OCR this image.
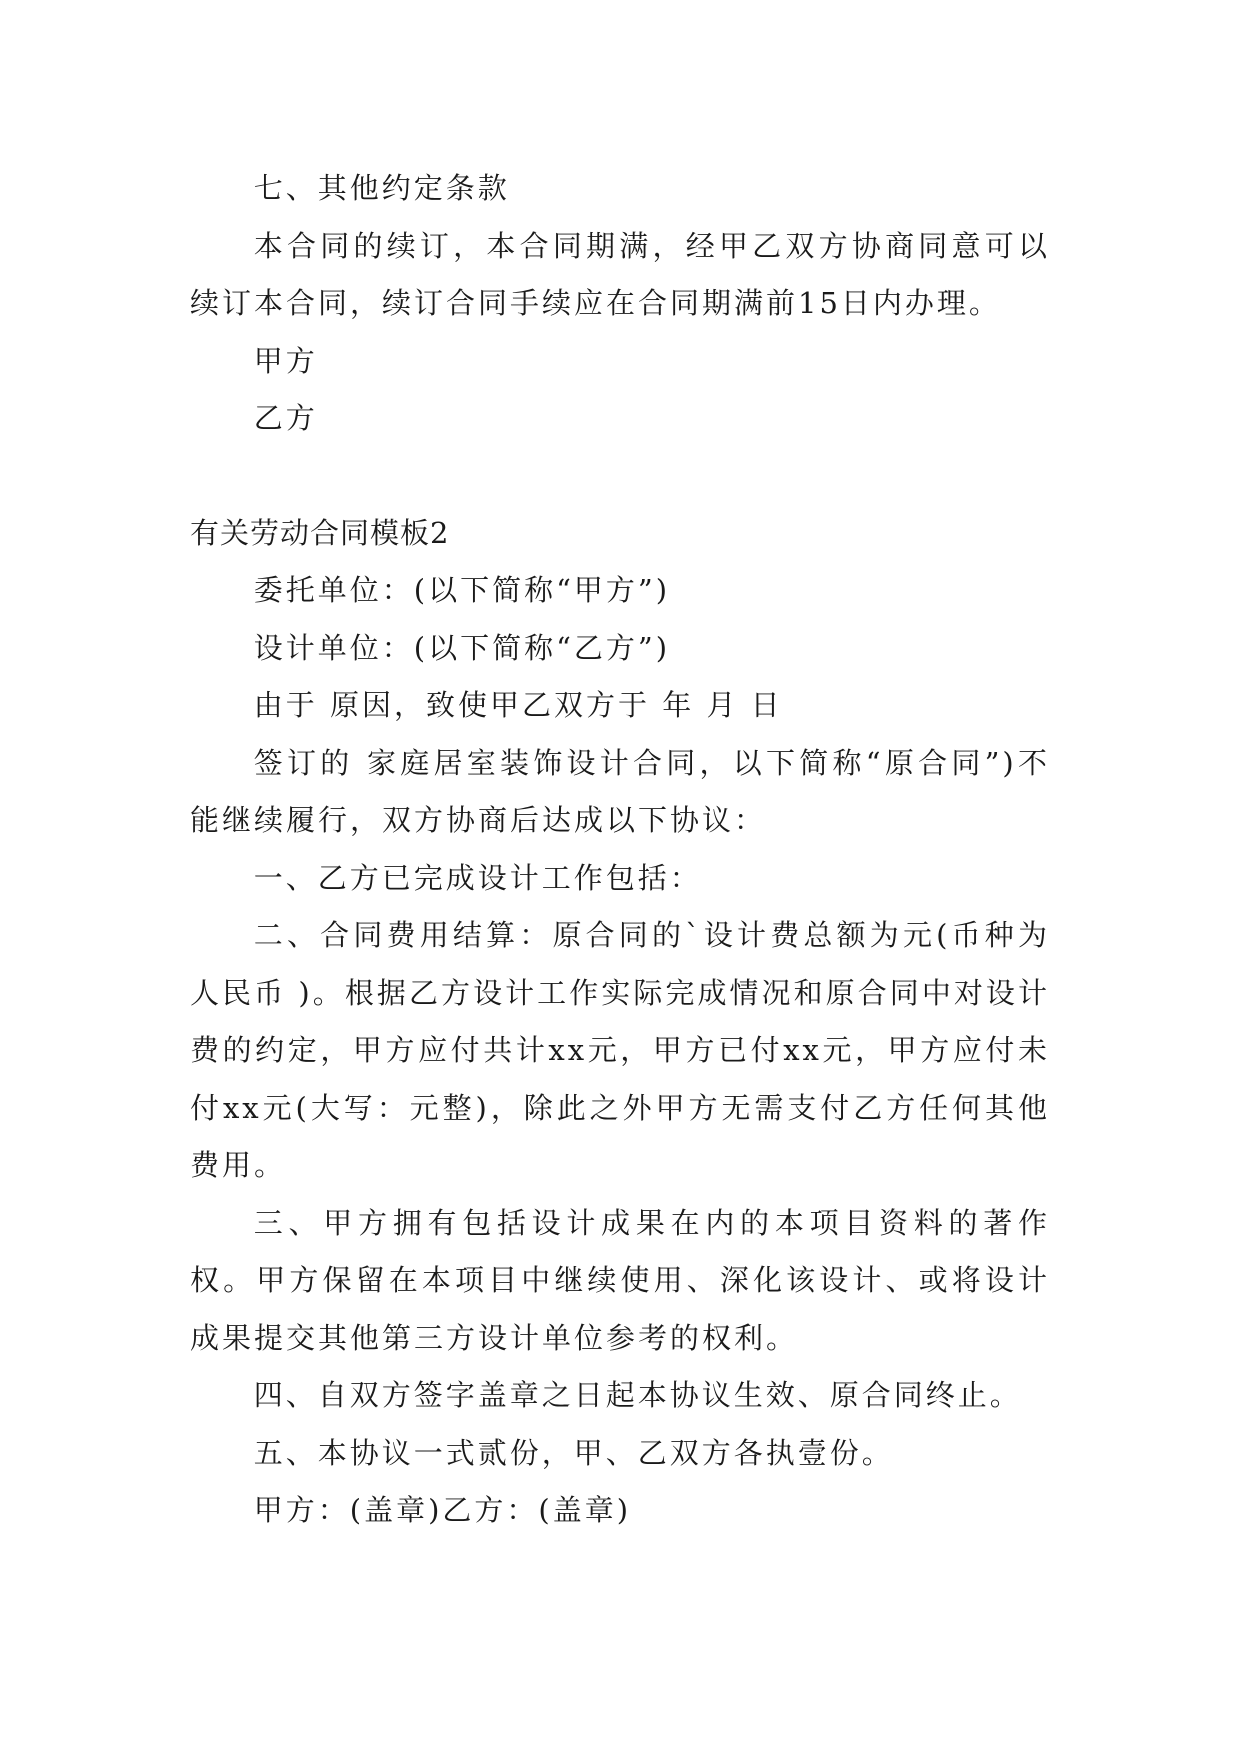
七、其他约定条款

本合同的续订，本合同期满，经甲乙双方协商同意可以续订本合同，续订合同手续应在合同期满前15日内办理。

甲方

乙方

有关劳动合同模板2

委托单位：(以下简称“甲方”)

设计单位：(以下简称“乙方”)

由于 原因，致使甲乙双方于 年 月 日

签订的 家庭居室装饰设计合同，以下简称“原合同”)不能继续履行，双方协商后达成以下协议：

一、乙方已完成设计工作包括：

二、合同费用结算：原合同的`设计费总额为元(币种为人民币 )。根据乙方设计工作实际完成情况和原合同中对设计费的约定，甲方应付共计xx元，甲方已付xx元，甲方应付未付xx元(大写：元整)，除此之外甲方无需支付乙方任何其他费用。

三、甲方拥有包括设计成果在内的本项目资料的著作权。甲方保留在本项目中继续使用、深化该设计、或将设计成果提交其他第三方设计单位参考的权利。

四、自双方签字盖章之日起本协议生效、原合同终止。

五、本协议一式贰份，甲、乙双方各执壹份。

甲方：(盖章)乙方：(盖章)
